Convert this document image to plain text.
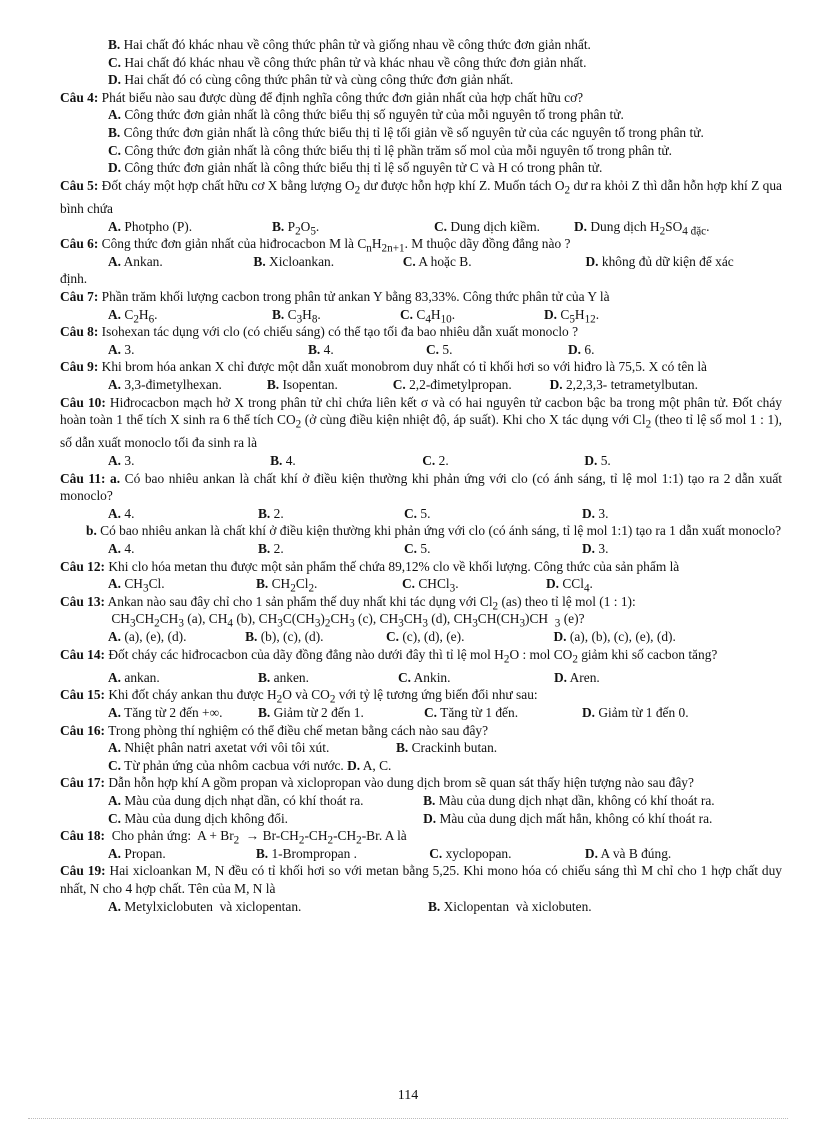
B. Hai chất đó khác nhau về công thức phân tử và giống nhau về công thức đơn giản nhất.
C. Hai chất đó khác nhau về công thức phân tử và khác nhau về công thức đơn giản nhất.
D. Hai chất đó có cùng công thức phân tử và cùng công thức đơn giản nhất.
Câu 4: Phát biểu nào sau được dùng để định nghĩa công thức đơn giản nhất của hợp chất hữu cơ?
A. Công thức đơn giản nhất là công thức biểu thị số nguyên tử của mỗi nguyên tố trong phân tử.
B. Công thức đơn giản nhất là công thức biểu thị tỉ lệ tối giản về số nguyên tử của các nguyên tố trong phân tử.
C. Công thức đơn giản nhất là công thức biểu thị tỉ lệ phần trăm số mol của mỗi nguyên tố trong phân tử.
D. Công thức đơn giản nhất là công thức biểu thị tỉ lệ số nguyên tử C và H có trong phân tử.
Câu 5: Đốt cháy một hợp chất hữu cơ X bằng lượng $O_2$ dư được hỗn hợp khí Z. Muốn tách $O_2$ dư ra khỏi Z thì dẫn hỗn hợp khí Z qua bình chứa
A. Photpho (P).	B. $P_2O_5$.	C. Dung dịch kiềm.	D. Dung dịch $H_2SO_{4 đặc}$.
Câu 6: Công thức đơn giản nhất của hiđrocacbon M là $C_nH_{2n+1}$. M thuộc dãy đồng đẳng nào ?
A. Ankan.	B. Xicloankan.	C. A hoặc B.	D. không đủ dữ kiện để xác
định.
Câu 7: Phần trăm khối lượng cacbon trong phân tử ankan Y bằng 83,33%. Công thức phân tử của Y là
A. $C_2H_6$.	B. $C_3H_8$.	C. $C_4H_{10}$.	D. $C_5H_{12}$.
Câu 8: Isohexan tác dụng với clo (có chiếu sáng) có thể tạo tối đa bao nhiêu dẫn xuất monoclo ?
A. 3.	B. 4.	C. 5.	D. 6.
Câu 9: Khi brom hóa ankan X chỉ được một dẫn xuất monobrom duy nhất có tỉ khối hơi so với hiđro là 75,5. X có tên là
A. 3,3-đimetylhexan.	B. Isopentan.	C. 2,2-đimetylpropan.	D. 2,2,3,3- tetrametylbutan.
Câu 10: Hiđrocacbon mạch hở X trong phân tử chỉ chứa liên kết σ và có hai nguyên tử cacbon bậc ba trong một phân tử. Đốt cháy hoàn toàn 1 thể tích X sinh ra 6 thể tích $CO_2$ (ở cùng điều kiện nhiệt độ, áp suất). Khi cho X tác dụng với $Cl_2$ (theo tỉ lệ số mol 1 : 1), số dẫn xuất monoclo tối đa sinh ra là
A. 3.	B. 4.	C. 2.	D. 5.
Câu 11: a. Có bao nhiêu ankan là chất khí ở điều kiện thường khi phản ứng với clo (có ánh sáng, tỉ lệ mol 1:1) tạo ra 2 dẫn xuất monoclo?
A. 4.	B. 2.	C. 5.	D. 3.
b. Có bao nhiêu ankan là chất khí ở điều kiện thường khi phản ứng với clo (có ánh sáng, tỉ lệ mol 1:1) tạo ra 1 dẫn xuất monoclo?
A. 4.	B. 2.	C. 5.	D. 3.
Câu 12: Khi clo hóa metan thu được một sản phẩm thế chứa 89,12% clo về khối lượng. Công thức của sản phẩm là
A. $CH_3Cl$.	B. $CH_2Cl_2$.	C. CHCl$_3$.	D. CCl$_4$.
Câu 13: Ankan nào sau đây chỉ cho 1 sản phẩm thế duy nhất khi tác dụng với $Cl_2$ (as) theo tỉ lệ mol (1 : 1):
$CH_3CH_2CH_3$ (a), $CH_4$ (b), $CH_3C(CH_3)_2CH_3$ (c), $CH_3CH_3$ (d), $CH_3CH(CH_3)CH$  $_3$ (e)?
A. (a), (e), (d).	B. (b), (c), (d).	C. (c), (d), (e).	D. (a), (b), (c), (e), (d).
Câu 14: Đốt cháy các hiđrocacbon của dãy đồng đẳng nào dưới đây thì tỉ lệ mol $H_2O$ : mol $CO_2$ giảm khi số cacbon tăng?
A. ankan.	B. anken.	C. Ankin.	D. Aren.
Câu 15: Khi đốt cháy ankan thu được $H_2O$ và $CO_2$ với tỷ lệ tương ứng biến đổi như sau:
A. Tăng từ 2 đến +∞.	B. Giảm từ 2 đến 1.	C. Tăng từ 1 đến.	D. Giảm từ 1 đến 0.
Câu 16: Trong phòng thí nghiệm có thể điều chế metan bằng cách nào sau đây?
A. Nhiệt phân natri axetat với vôi tôi xút.	B. Crackinh butan.
C. Từ phản ứng của nhôm cacbua với nước. D. A, C.
Câu 17: Dẫn hỗn hợp khí A gồm propan và xiclopropan vào dung dịch brom sẽ quan sát thấy hiện tượng nào sau đây?
A. Màu của dung dịch nhạt dần, có khí thoát ra.	B. Màu của dung dịch nhạt dần, không có khí thoát ra.
C. Màu của dung dịch không đổi.	D. Màu của dung dịch mất hẳn, không có khí thoát ra.
Câu 18:  Cho phản ứng:  $A + Br_2 \to Br-CH_2-CH_2-CH_2-Br$. A là
A. Propan.	B. 1-Brompropan .	C. xyclopopan.	D. A và B đúng.
Câu 19: Hai xicloankan M, N đều có tỉ khối hơi so với metan bằng 5,25. Khi mono hóa có chiếu sáng thì M chỉ cho 1 hợp chất duy nhất, N cho 4 hợp chất. Tên của M, N là
A. Metylxiclobuten  và xiclopentan.	B. Xiclopentan  và xiclobuten.
114
